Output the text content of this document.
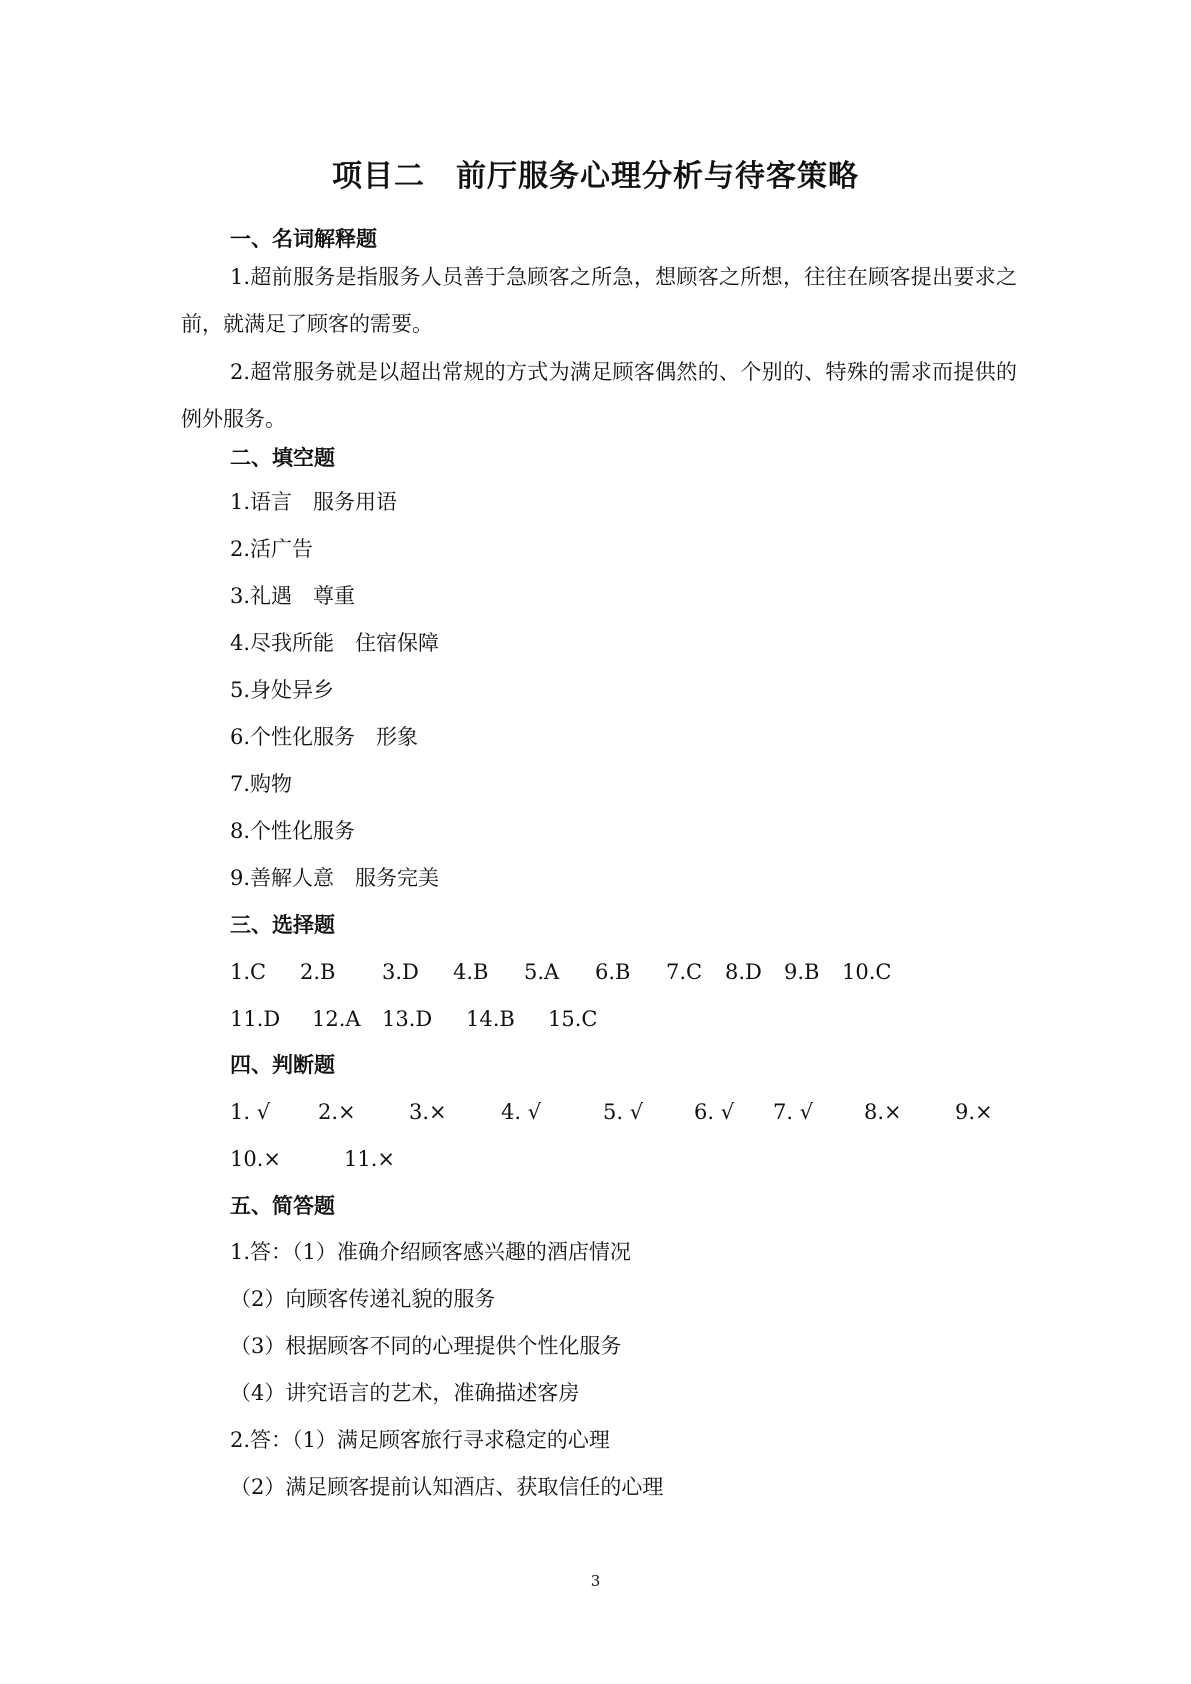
项目二　前厅服务心理分析与待客策略
一、名词解释题
1.超前服务是指服务人员善于急顾客之所急，想顾客之所想，往往在顾客提出要求之前，就满足了顾客的需要。
2.超常服务就是以超出常规的方式为满足顾客偶然的、个别的、特殊的需求而提供的例外服务。
二、填空题
1.语言　服务用语
2.活广告
3.礼遇　尊重
4.尽我所能　住宿保障
5.身处异乡
6.个性化服务　形象
7.购物
8.个性化服务
9.善解人意　服务完美
三、选择题
1.C 2.B 3.D 4.B 5.A 6.B 7.C 8.D 9.B 10.C
11.D 12.A 13.D 14.B 15.C
四、判断题
1. √ 2.×	3.×	4. √	5. √ 6. √ 7. √ 8.×	9.×
10.×	11.×
五、简答题
1.答：（1）准确介绍顾客感兴趣的酒店情况
（2）向顾客传递礼貌的服务
（3）根据顾客不同的心理提供个性化服务
（4）讲究语言的艺术，准确描述客房
2.答：（1）满足顾客旅行寻求稳定的心理
（2）满足顾客提前认知酒店、获取信任的心理
3
